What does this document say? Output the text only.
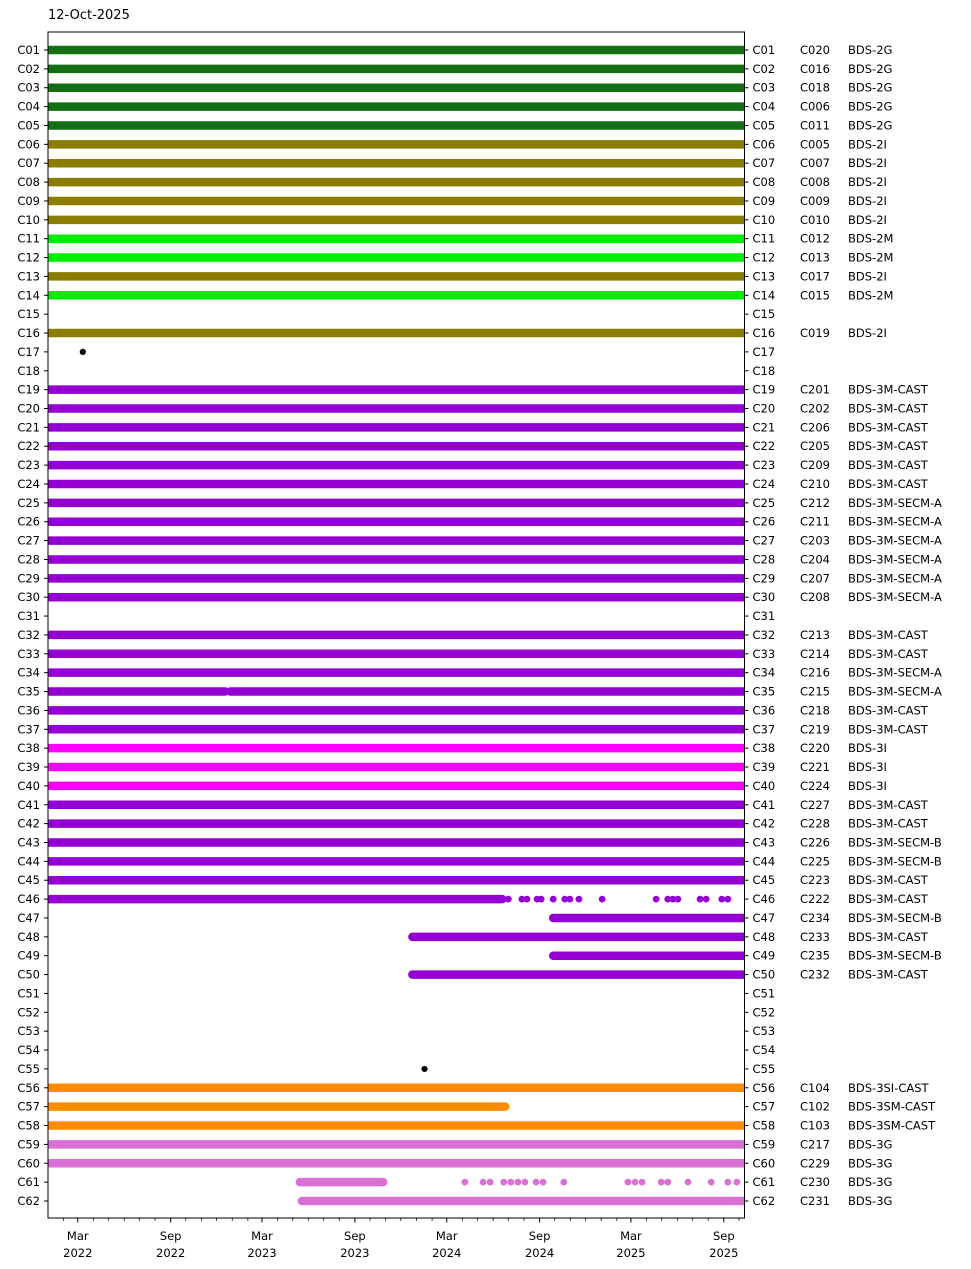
12-Oct-2025
C01	C01 C020 BDS-2G
C02	C02 C016 BDS-2G
C03	C03 C018 BDS-2G
C04	C04 C006 BDS-2G
C05	C05 C011 BDS-2G
C06	C06 C005 BDS-2I
C07	C07 C007 BDS-2I
C08	C08 C008 BDS-2I
C09	C09 C009 BDS-2I
C10	C10 C010 BDS-2I
C11	C11 C012 BDS-2M
C12	C12 C013 BDS-2M
C13	C13 C017 BDS-2I
C14	C14 C015 BDS-2M
C15	C15
C16	C16 C019 BDS-2I
C17	C17
C18	C18
C19	C19 C201 BDS-3M-CAST
C20	C20 C202 BDS-3M-CAST
C21	C21 C206 BDS-3M-CAST
C22	C22 C205 BDS-3M-CAST
C23	C23 C209 BDS-3M-CAST
C24	C24 C210 BDS-3M-CAST
C25	C25 C212 BDS-3M-SECM-A
C26	C26 C211 BDS-3M-SECM-A
C27	C27 C203 BDS-3M-SECM-A
C28	C28 C204 BDS-3M-SECM-A
C29	C29 C207 BDS-3M-SECM-A
C30	C30 C208 BDS-3M-SECM-A
C31	C31
C32	C32 C213 BDS-3M-CAST
C33	C33 C214 BDS-3M-CAST
C34	C34 C216 BDS-3M-SECM-A
C35	C35 C215 BDS-3M-SECM-A
C36	C36 C218 BDS-3M-CAST
C37	C37 C219 BDS-3M-CAST
C38	C38 C220 BDS-3I
C39	C39 C221 BDS-3I
C40	C40 C224 BDS-3I
C41	C41 C227 BDS-3M-CAST
C42	C42 C228 BDS-3M-CAST
C43	C43 C226 BDS-3M-SECM-B
C44	C44 C225 BDS-3M-SECM-B
C45	C45 C223 BDS-3M-CAST
C46	C46 C222 BDS-3M-CAST
C47	C47 C234 BDS-3M-SECM-B
C48	C48 C233 BDS-3M-CAST
C49	C49 C235 BDS-3M-SECM-B
C50	C50 C232 BDS-3M-CAST
C51	C51
C52	C52
C53	C53
C54	C54
C55	C55
C56	C56 C104 BDS-3SI-CAST
C57	C57 C102 BDS-3SM-CAST
C58	C58 C103 BDS-3SM-CAST
C59	C59 C217 BDS-3G
C60	C60 C229 BDS-3G
C61	C61 C230 BDS-3G
C62	C62 C231 BDS-3G
Mar
2022
Sep
2022
Mar
2023
Sep
2023
Mar
2024
Sep
2024
Mar
2025
Sep
2025
